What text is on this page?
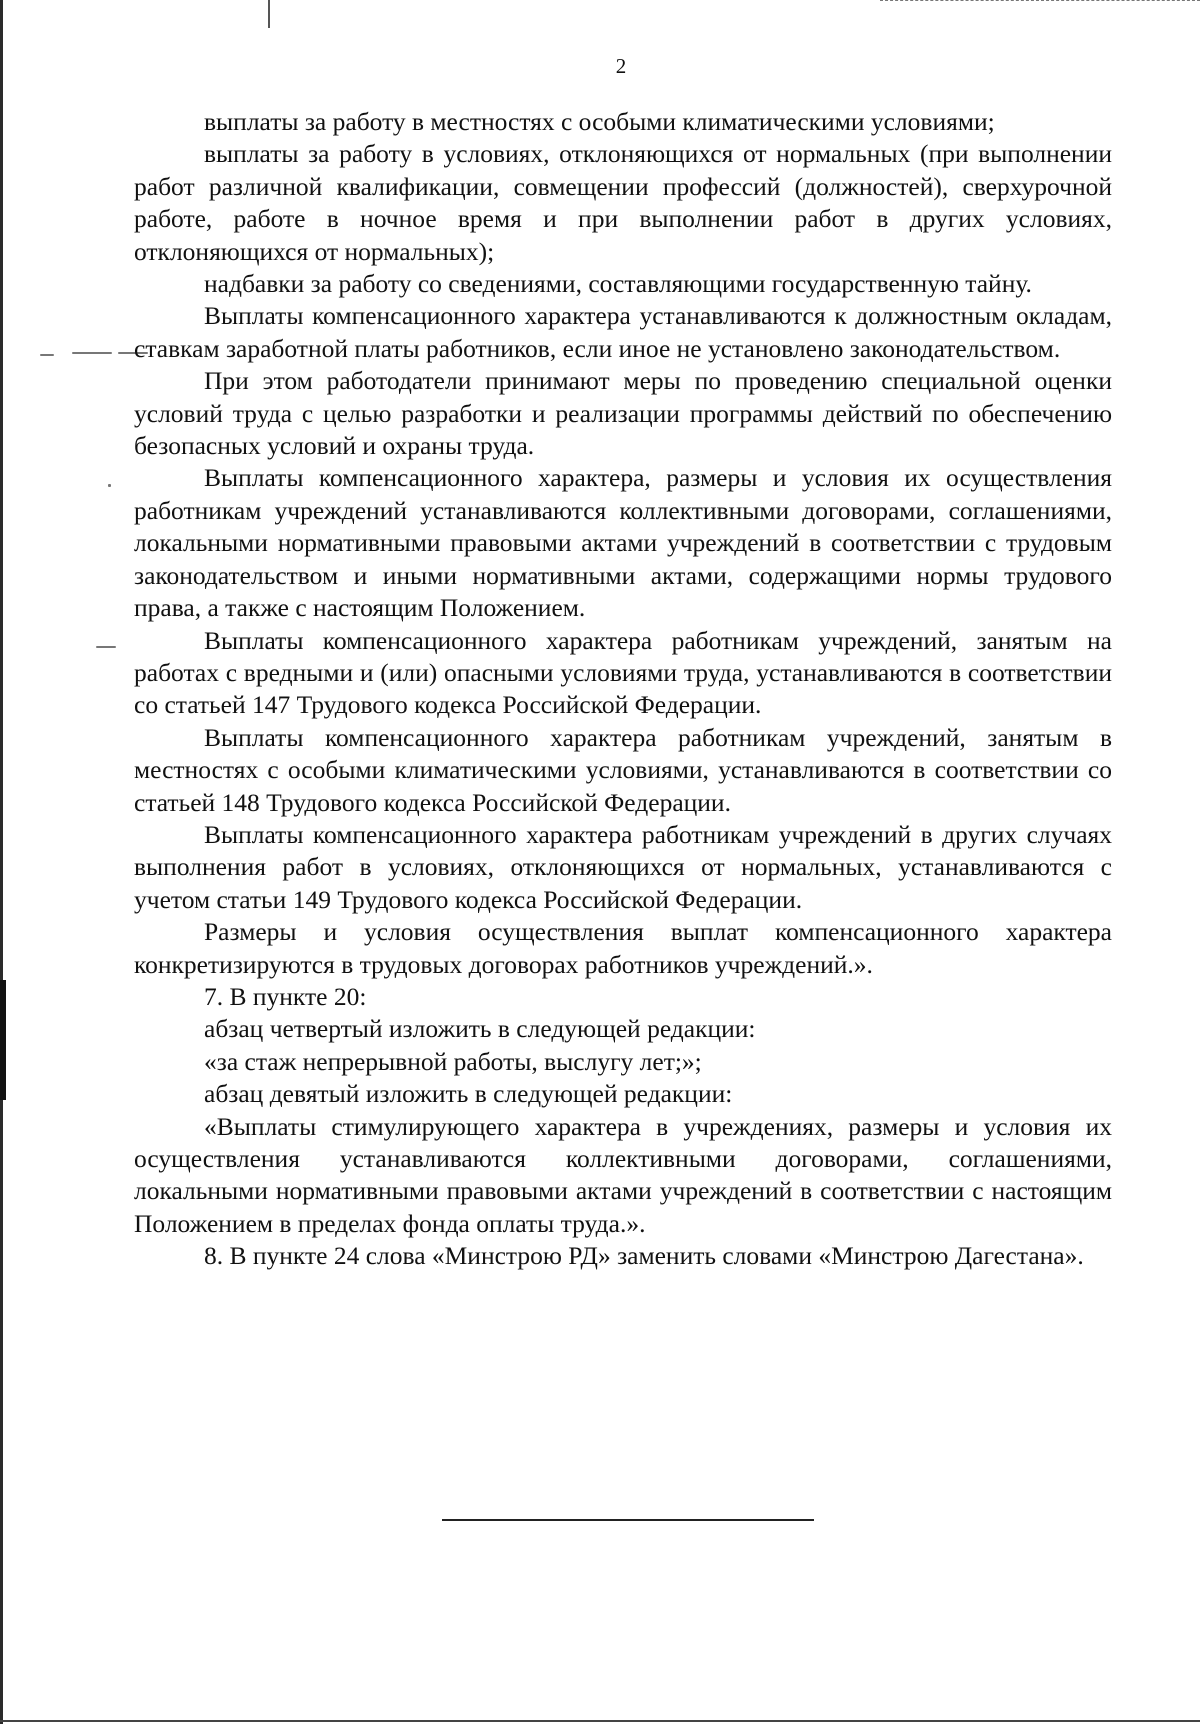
2

выплаты за работу в местностях с особыми климатическими условиями;

выплаты за работу в условиях, отклоняющихся от нормальных (при выполнении работ различной квалификации, совмещении профессий (должностей), сверхурочной работе, работе в ночное время и при выполнении работ в других условиях, отклоняющихся от нормальных);

надбавки за работу со сведениями, составляющими государственную тайну.

Выплаты компенсационного характера устанавливаются к должностным окладам, ставкам заработной платы работников, если иное не установлено законодательством.

При этом работодатели принимают меры по проведению специальной оценки условий труда с целью разработки и реализации программы действий по обеспечению безопасных условий и охраны труда.

Выплаты компенсационного характера, размеры и условия их осуществления работникам учреждений устанавливаются коллективными договорами, соглашениями, локальными нормативными правовыми актами учреждений в соответствии с трудовым законодательством и иными нормативными актами, содержащими нормы трудового права, а также с настоящим Положением.

Выплаты компенсационного характера работникам учреждений, занятым на работах с вредными и (или) опасными условиями труда, устанавливаются в соответствии со статьей 147 Трудового кодекса Российской Федерации.

Выплаты компенсационного характера работникам учреждений, занятым в местностях с особыми климатическими условиями, устанавливаются в соответствии со статьей 148 Трудового кодекса Российской Федерации.

Выплаты компенсационного характера работникам учреждений в других случаях выполнения работ в условиях, отклоняющихся от нормальных, устанавливаются с учетом статьи 149 Трудового кодекса Российской Федерации.

Размеры и условия осуществления выплат компенсационного характера конкретизируются в трудовых договорах работников учреждений.».

7. В пункте 20:

абзац четвертый изложить в следующей редакции:

«за стаж непрерывной работы, выслугу лет;»;

абзац девятый изложить в следующей редакции:

«Выплаты стимулирующего характера в учреждениях, размеры и условия их осуществления устанавливаются коллективными договорами, соглашениями, локальными нормативными правовыми актами учреждений в соответствии с настоящим Положением в пределах фонда оплаты труда.».

8. В пункте 24 слова «Минстрою РД» заменить словами «Минстрою Дагестана».
